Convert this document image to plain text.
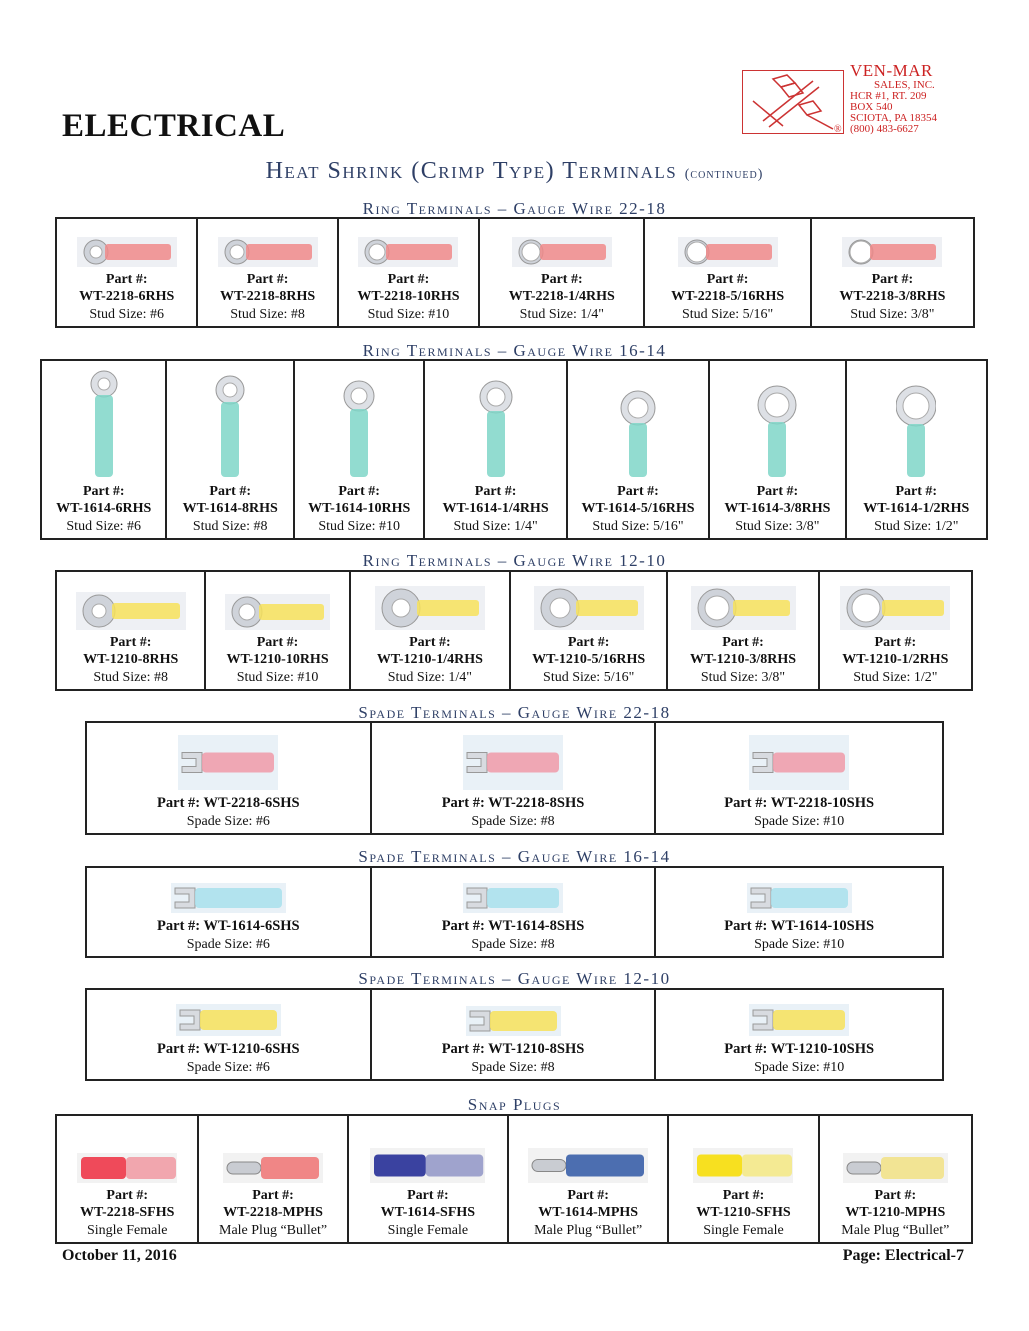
VEN-MAR
SALES, INC.
HCR #1, RT. 209
BOX 540
SCIOTA, PA 18354
(800) 483-6627
®
ELECTRICAL
Heat Shrink (Crimp Type) Terminals (continued)
Ring Terminals – Gauge Wire 22-18
Ring Terminals – Gauge Wire 16-14
Ring Terminals – Gauge Wire 12-10
Spade Terminals – Gauge Wire 22-18
Spade Terminals – Gauge Wire 16-14
Spade Terminals – Gauge Wire 12-10
Snap Plugs
Part #:
WT-2218-6RHS
Stud Size: #6
Part #:
WT-2218-8RHS
Stud Size: #8
Part #:
WT-2218-10RHS
Stud Size: #10
Part #:
WT-2218-1/4RHS
Stud Size: 1/4"
Part #:
WT-2218-5/16RHS
Stud Size: 5/16"
Part #:
WT-2218-3/8RHS
Stud Size: 3/8"
Part #:
WT-1614-6RHS
Stud Size: #6
Part #:
WT-1614-8RHS
Stud Size: #8
Part #:
WT-1614-10RHS
Stud Size: #10
Part #:
WT-1614-1/4RHS
Stud Size: 1/4"
Part #:
WT-1614-5/16RHS
Stud Size: 5/16"
Part #:
WT-1614-3/8RHS
Stud Size: 3/8"
Part #:
WT-1614-1/2RHS
Stud Size: 1/2"
Part #:
WT-1210-8RHS
Stud Size: #8
Part #:
WT-1210-10RHS
Stud Size: #10
Part #:
WT-1210-1/4RHS
Stud Size: 1/4"
Part #:
WT-1210-5/16RHS
Stud Size: 5/16"
Part #:
WT-1210-3/8RHS
Stud Size: 3/8"
Part #:
WT-1210-1/2RHS
Stud Size: 1/2"
Part #: WT-2218-6SHS
Spade Size: #6
Part #: WT-2218-8SHS
Spade Size: #8
Part #: WT-2218-10SHS
Spade Size: #10
Part #: WT-1614-6SHS
Spade Size: #6
Part #: WT-1614-8SHS
Spade Size: #8
Part #: WT-1614-10SHS
Spade Size: #10
Part #: WT-1210-6SHS
Spade Size: #6
Part #: WT-1210-8SHS
Spade Size: #8
Part #: WT-1210-10SHS
Spade Size: #10
Part #:
WT-2218-SFHS
Single Female
Part #:
WT-2218-MPHS
Male Plug “Bullet”
Part #:
WT-1614-SFHS
Single Female
Part #:
WT-1614-MPHS
Male Plug “Bullet”
Part #:
WT-1210-SFHS
Single Female
Part #:
WT-1210-MPHS
Male Plug “Bullet”
October 11, 2016	Page: Electrical-7
